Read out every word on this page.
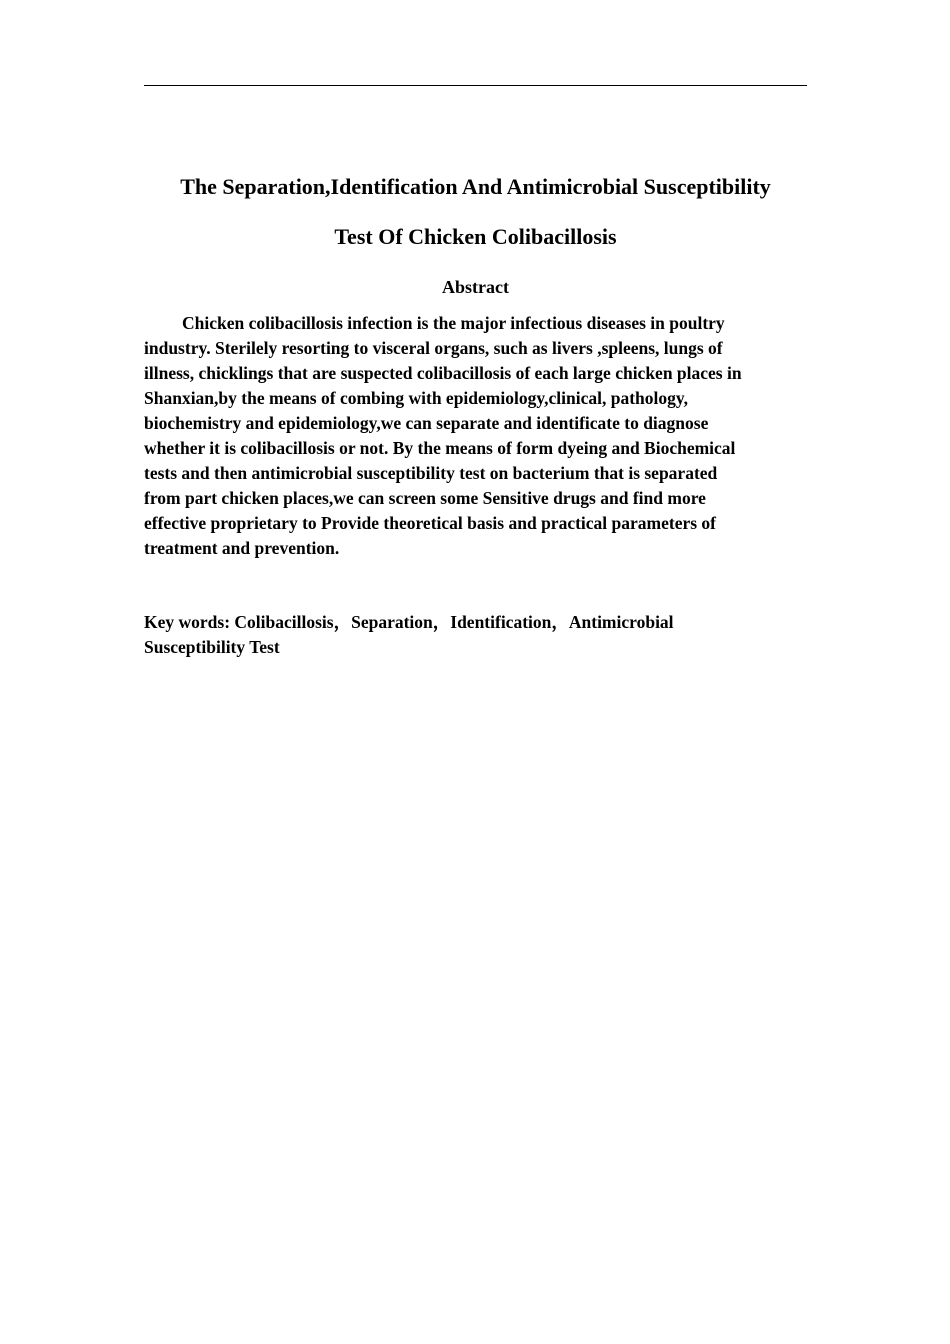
The Separation,Identification And Antimicrobial Susceptibility
Test Of Chicken Colibacillosis
Abstract
Chicken colibacillosis infection is the major infectious diseases in poultry
industry. Sterilely resorting to visceral organs, such as livers ,spleens, lungs of
illness, chicklings that are suspected colibacillosis of each large chicken places in
Shanxian,by the means of combing with epidemiology,clinical, pathology,
biochemistry and epidemiology,we can separate and identificate to diagnose
whether it is colibacillosis or not. By the means of form dyeing and Biochemical
tests and then antimicrobial susceptibility test on bacterium that is separated
from part chicken places,we can screen some Sensitive drugs and find more
effective proprietary to Provide theoretical basis and practical parameters of
treatment and prevention.
Key words: Colibacillosis，Separation，Identification，Antimicrobial
Susceptibility Test
